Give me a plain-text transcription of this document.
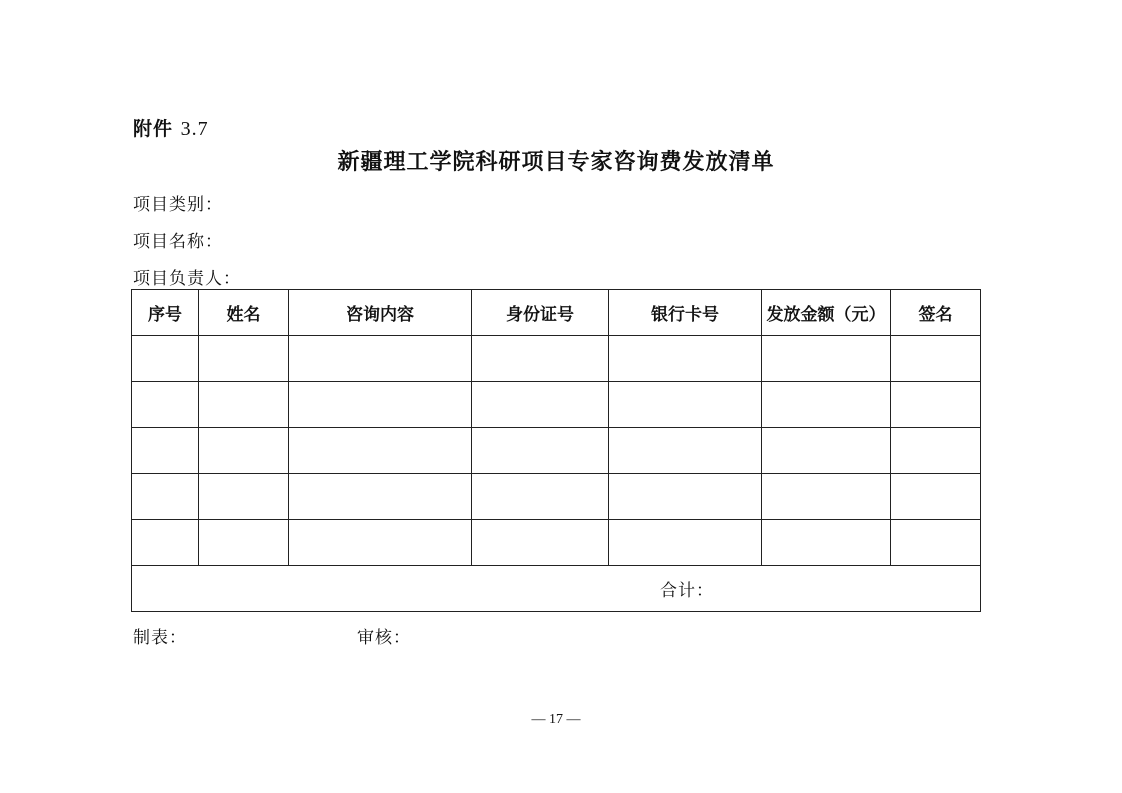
附件 3.7
新疆理工学院科研项目专家咨询费发放清单
项目类别：
项目名称：
项目负责人：
序号	姓名	咨询内容	身份证号	银行卡号	发放金额（元）	签名

合计：						
制表：	审核：
— 17 —
